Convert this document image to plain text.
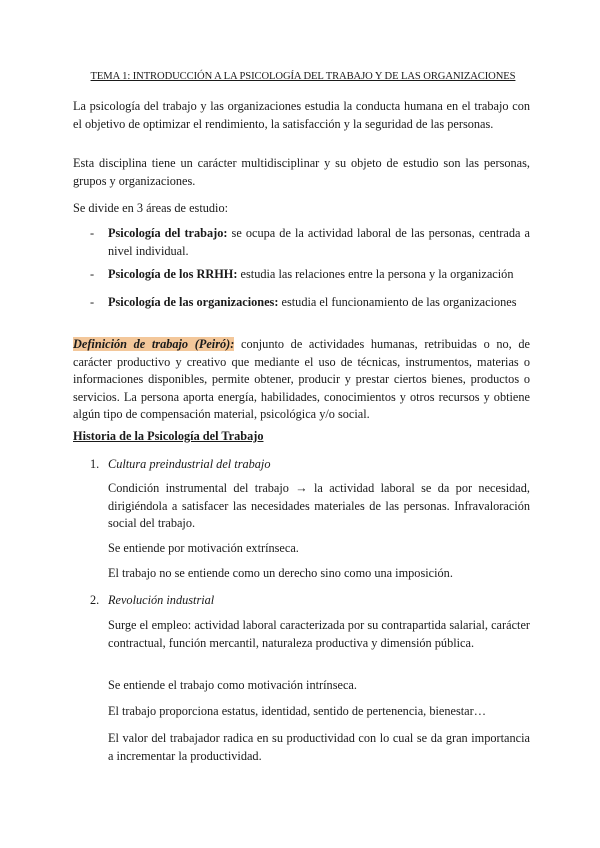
TEMA 1: INTRODUCCIÓN A LA PSICOLOGÍA DEL TRABAJO Y DE LAS ORGANIZACIONES

La psicología del trabajo y las organizaciones estudia la conducta humana en el trabajo con el objetivo de optimizar el rendimiento, la satisfacción y la seguridad de las personas.

Esta disciplina tiene un carácter multidisciplinar y su objeto de estudio son las personas, grupos y organizaciones.

Se divide en 3 áreas de estudio:

-	Psicología del trabajo: se ocupa de la actividad laboral de las personas, centrada a nivel individual.

-	Psicología de los RRHH: estudia las relaciones entre la persona y la organización

-	Psicología de las organizaciones: estudia el funcionamiento de las organizaciones

Definición de trabajo (Peiró): conjunto de actividades humanas, retribuidas o no, de carácter productivo y creativo que mediante el uso de técnicas, instrumentos, materias o informaciones disponibles, permite obtener, producir y prestar ciertos bienes, productos o servicios. La persona aporta energía, habilidades, conocimientos y otros recursos y obtiene algún tipo de compensación material, psicológica y/o social.

Historia de la Psicología del Trabajo
1. Cultura preindustrial del trabajo

Condición instrumental del trabajo → la actividad laboral se da por necesidad, dirigiéndola a satisfacer las necesidades materiales de las personas. Infravaloración social del trabajo.

Se entiende por motivación extrínseca.

El trabajo no se entiende como un derecho sino como una imposición.

2. Revolución industrial

Surge el empleo: actividad laboral caracterizada por su contrapartida salarial, carácter contractual, función mercantil, naturaleza productiva y dimensión pública.

Se entiende el trabajo como motivación intrínseca.

El trabajo proporciona estatus, identidad, sentido de pertenencia, bienestar…

El valor del trabajador radica en su productividad con lo cual se da gran importancia a incrementar la productividad.
